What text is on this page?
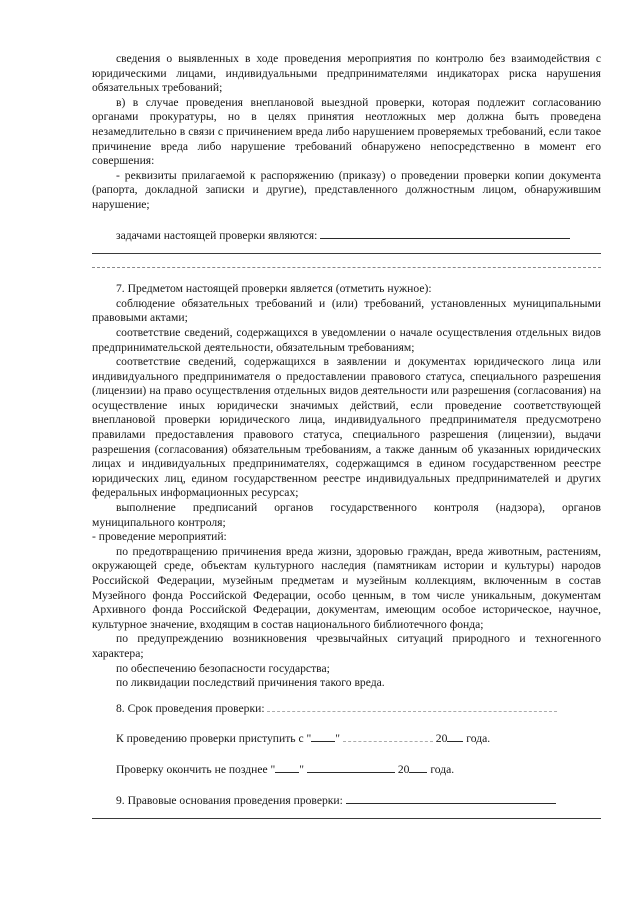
сведения о выявленных в ходе проведения мероприятия по контролю без взаимодействия с юридическими лицами, индивидуальными предпринимателями индикаторах риска нарушения обязательных требований;

в) в случае проведения внеплановой выездной проверки, которая подлежит согласованию органами прокуратуры, но в целях принятия неотложных мер должна быть проведена незамедлительно в связи с причинением вреда либо нарушением проверяемых требований, если такое причинение вреда либо нарушение требований обнаружено непосредственно в момент его совершения:

- реквизиты прилагаемой к распоряжению (приказу) о проведении проверки копии документа (рапорта, докладной записки и другие), представленного должностным лицом, обнаружившим нарушение;

задачами настоящей проверки являются:

7. Предметом настоящей проверки является (отметить нужное):

соблюдение обязательных требований и (или) требований, установленных муниципальными правовыми актами;

соответствие сведений, содержащихся в уведомлении о начале осуществления отдельных видов предпринимательской деятельности, обязательным требованиям;

соответствие сведений, содержащихся в заявлении и документах юридического лица или индивидуального предпринимателя о предоставлении правового статуса, специального разрешения (лицензии) на право осуществления отдельных видов деятельности или разрешения (согласования) на осуществление иных юридически значимых действий, если проведение соответствующей внеплановой проверки юридического лица, индивидуального предпринимателя предусмотрено правилами предоставления правового статуса, специального разрешения (лицензии), выдачи разрешения (согласования) обязательным требованиям, а также данным об указанных юридических лицах и индивидуальных предпринимателях, содержащимся в едином государственном реестре юридических лиц, едином государственном реестре индивидуальных предпринимателей и других федеральных информационных ресурсах;

выполнение предписаний органов государственного контроля (надзора), органов муниципального контроля;

- проведение мероприятий:

по предотвращению причинения вреда жизни, здоровью граждан, вреда животным, растениям, окружающей среде, объектам культурного наследия (памятникам истории и культуры) народов Российской Федерации, музейным предметам и музейным коллекциям, включенным в состав Музейного фонда Российской Федерации, особо ценным, в том числе уникальным, документам Архивного фонда Российской Федерации, документам, имеющим особое историческое, научное, культурное значение, входящим в состав национального библиотечного фонда;

по предупреждению возникновения чрезвычайных ситуаций природного и техногенного характера;

по обеспечению безопасности государства;

по ликвидации последствий причинения такого вреда.

8. Срок проведения проверки:

К проведению проверки приступить с " "	20 года.

Проверку окончить не позднее " "	20 года.

9. Правовые основания проведения проверки:
